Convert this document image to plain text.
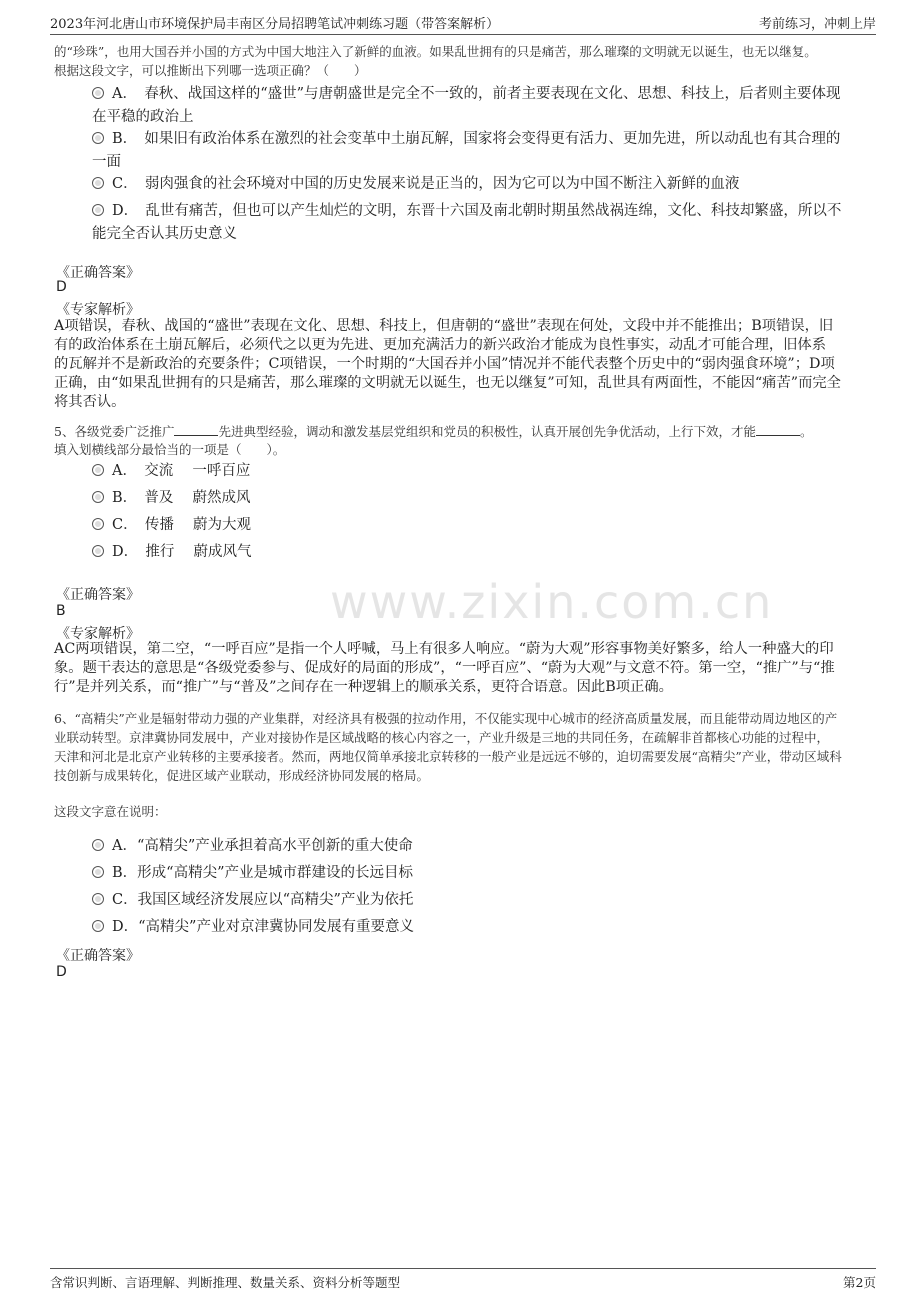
2023年河北唐山市环境保护局丰南区分局招聘笔试冲刺练习题（带答案解析）	考前练习，冲刺上岸
www.zixin.com.cn
的“珍珠”，也用大国吞并小国的方式为中国大地注入了新鲜的血液。如果乱世拥有的只是痛苦，那么璀璨的文明就无以诞生，也无以继复。
根据这段文字，可以推断出下列哪一选项正确？（　　）
A．　春秋、战国这样的“盛世”与唐朝盛世是完全不一致的，前者主要表现在文化、思想、科技上，后者则主要体现
在平稳的政治上
B．　如果旧有政治体系在激烈的社会变革中土崩瓦解，国家将会变得更有活力、更加先进，所以动乱也有其合理的
一面
C．　弱肉强食的社会环境对中国的历史发展来说是正当的，因为它可以为中国不断注入新鲜的血液
D．　乱世有痛苦，但也可以产生灿烂的文明，东晋十六国及南北朝时期虽然战祸连绵，文化、科技却繁盛，所以不
能完全否认其历史意义
《正确答案》
D
《专家解析》
A项错误，春秋、战国的“盛世”表现在文化、思想、科技上，但唐朝的“盛世”表现在何处，文段中并不能推出；B项错误，旧
有的政治体系在土崩瓦解后，必须代之以更为先进、更加充满活力的新兴政治才能成为良性事实，动乱才可能合理，旧体系
的瓦解并不是新政治的充要条件；C项错误，一个时期的“大国吞并小国”情况并不能代表整个历史中的“弱肉强食环境”；D项
正确，由“如果乱世拥有的只是痛苦，那么璀璨的文明就无以诞生，也无以继复”可知，乱世具有两面性，不能因“痛苦”而完全
将其否认。
5、各级党委广泛推广	先进典型经验，调动和激发基层党组织和党员的积极性，认真开展创先争优活动，上行下效，才能	。
填入划横线部分最恰当的一项是（　　）。
A．　交流　 一呼百应
B．　普及　 蔚然成风
C．　传播　 蔚为大观
D．　推行　 蔚成风气
《正确答案》
B
《专家解析》
AC两项错误，第二空，“一呼百应”是指一个人呼喊，马上有很多人响应。“蔚为大观”形容事物美好繁多，给人一种盛大的印
象。题干表达的意思是“各级党委参与、促成好的局面的形成”，“一呼百应”、“蔚为大观”与文意不符。第一空，“推广”与“推
行”是并列关系，而“推广”与“普及”之间存在一种逻辑上的顺承关系，更符合语意。因此B项正确。
6、“高精尖”产业是辐射带动力强的产业集群，对经济具有极强的拉动作用，不仅能实现中心城市的经济高质量发展，而且能带动周边地区的产
业联动转型。京津冀协同发展中，产业对接协作是区域战略的核心内容之一，产业升级是三地的共同任务，在疏解非首都核心功能的过程中，
天津和河北是北京产业转移的主要承接者。然而，两地仅简单承接北京转移的一般产业是远远不够的，迫切需要发展“高精尖”产业，带动区域科
技创新与成果转化，促进区域产业联动，形成经济协同发展的格局。
这段文字意在说明：
A．“高精尖”产业承担着高水平创新的重大使命
B．形成“高精尖”产业是城市群建设的长远目标
C．我国区域经济发展应以“高精尖”产业为依托
D．“高精尖”产业对京津冀协同发展有重要意义
《正确答案》
D
含常识判断、言语理解、判断推理、数量关系、资料分析等题型	第2页
